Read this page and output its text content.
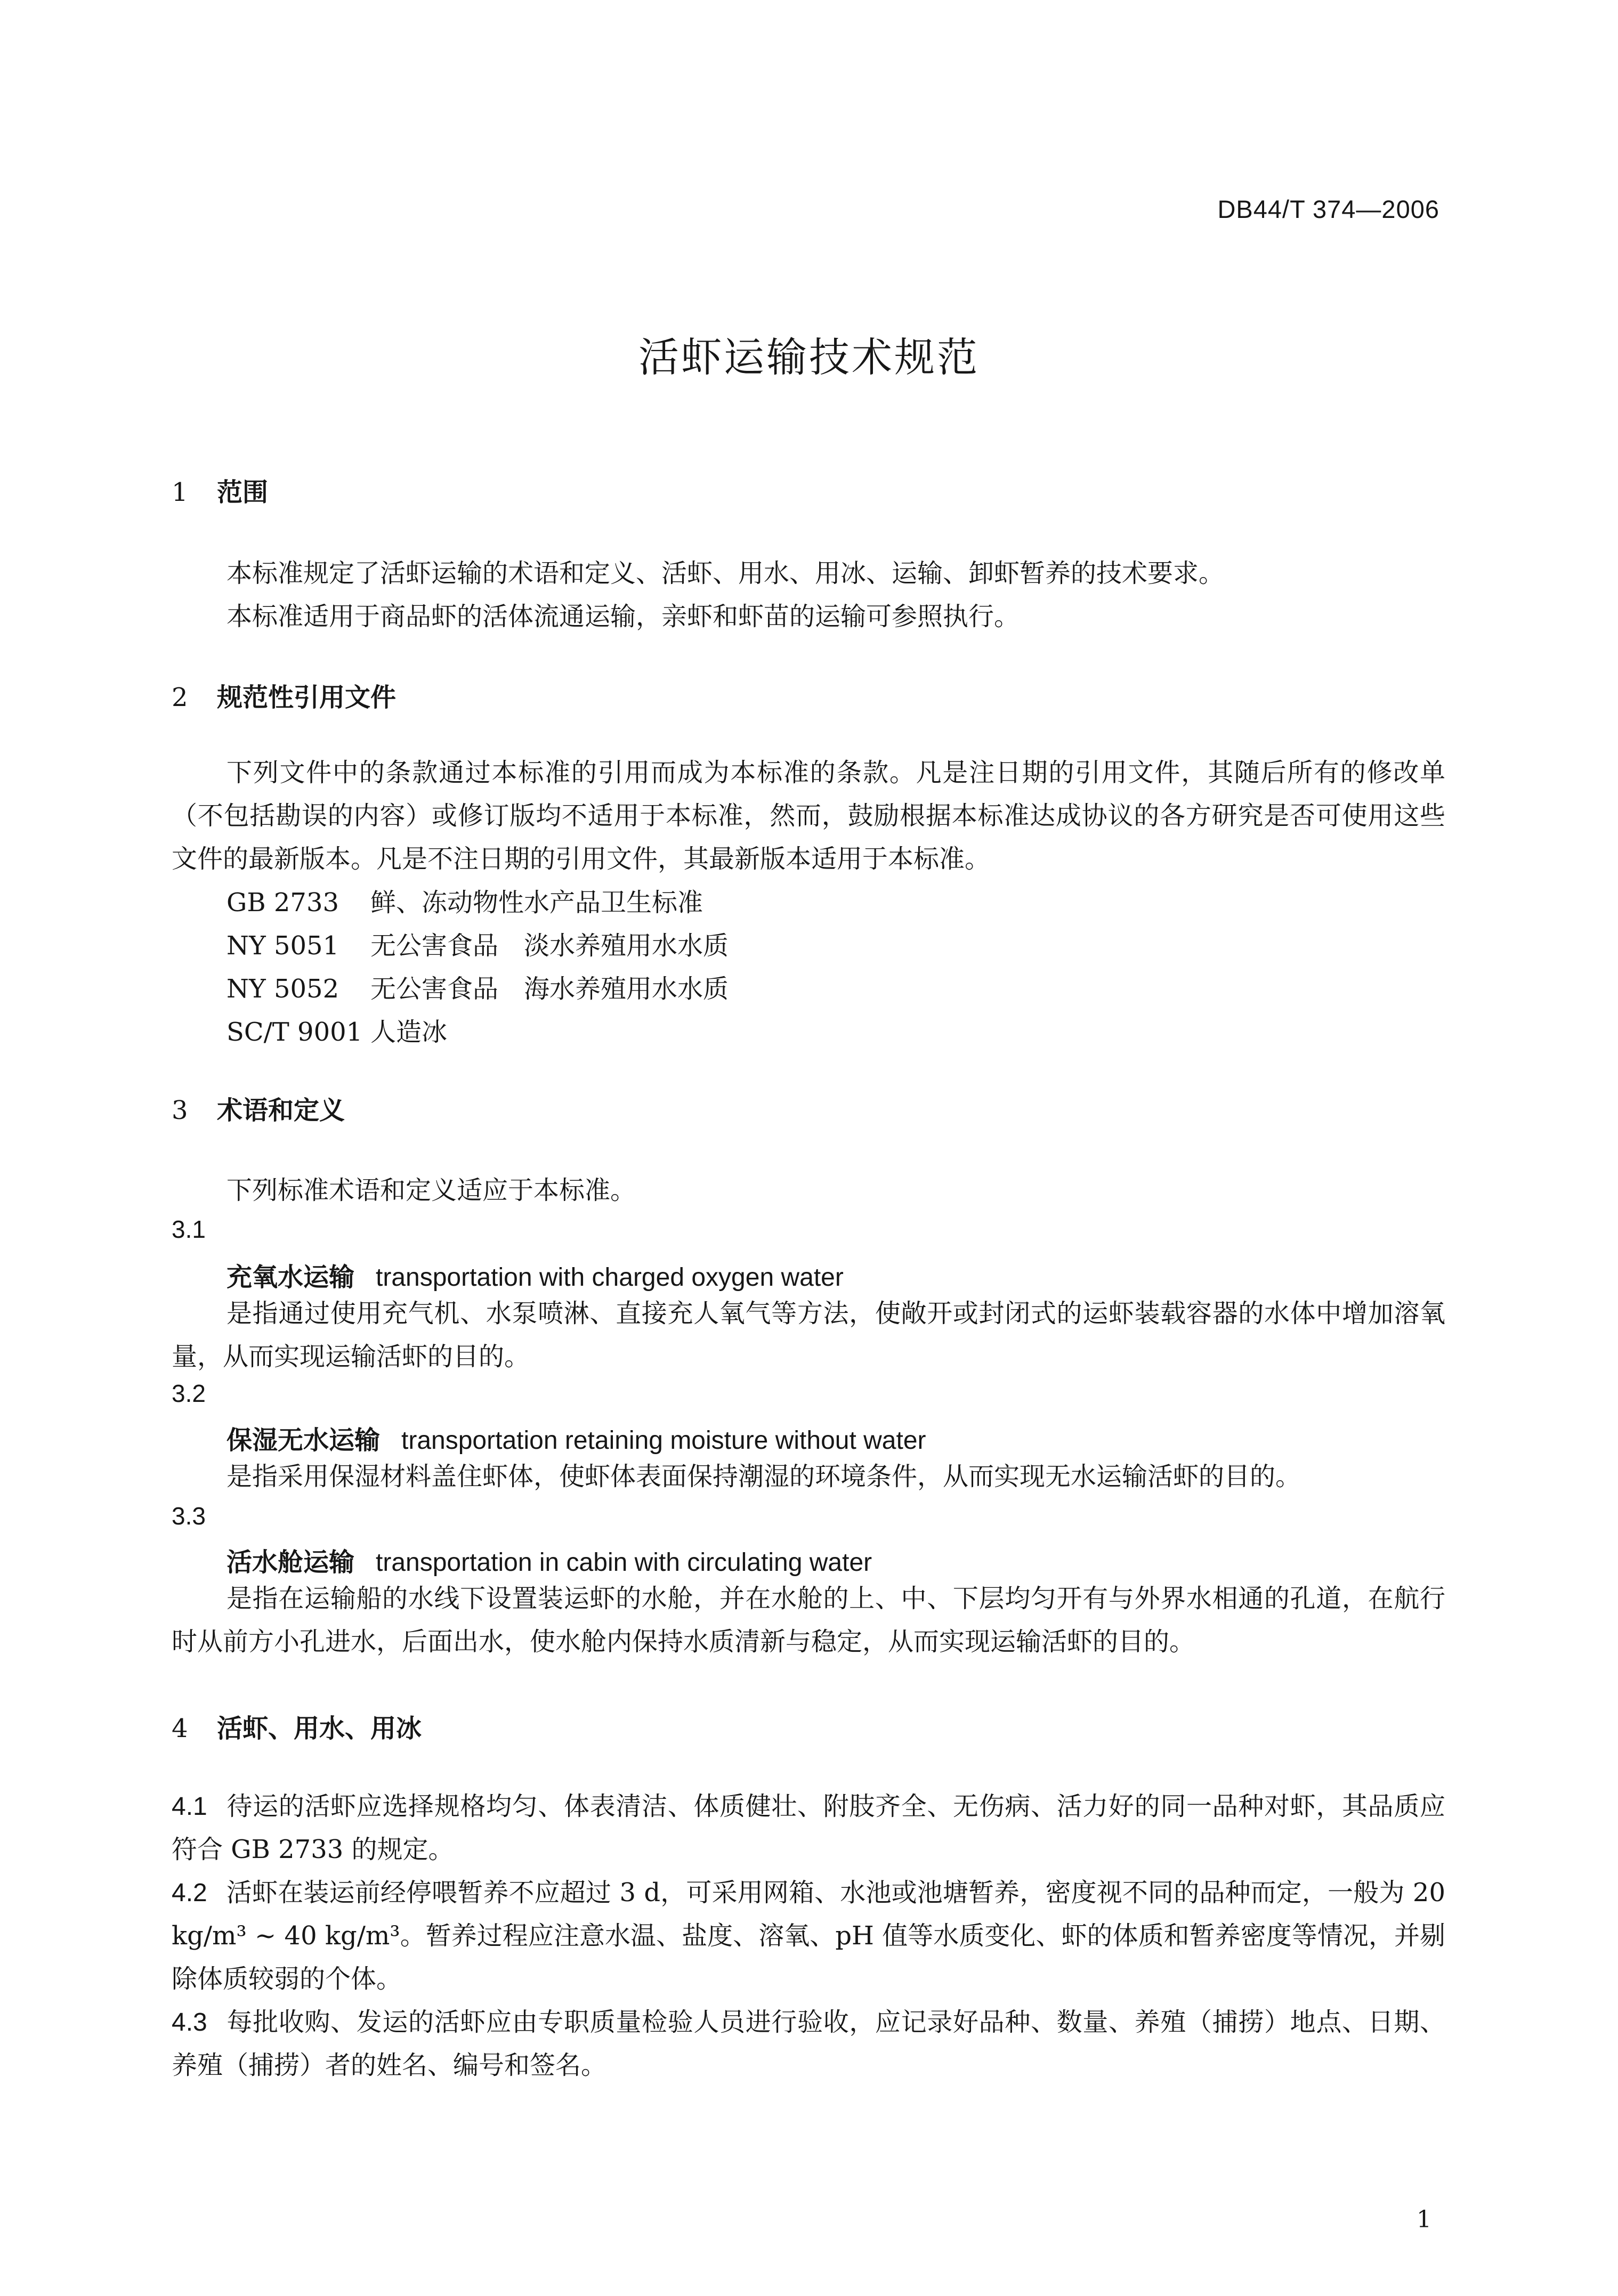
DB44/T 374—2006
活虾运输技术规范
1 范围
本标准规定了活虾运输的术语和定义、活虾、用水、用冰、运输、卸虾暂养的技术要求。
本标准适用于商品虾的活体流通运输，亲虾和虾苗的运输可参照执行。
2 规范性引用文件
下列文件中的条款通过本标准的引用而成为本标准的条款。凡是注日期的引用文件，其随后所有的修改单（不包括勘误的内容）或修订版均不适用于本标准，然而，鼓励根据本标准达成协议的各方研究是否可使用这些文件的最新版本。凡是不注日期的引用文件，其最新版本适用于本标准。
GB 2733 鲜、冻动物性水产品卫生标准
NY 5051 无公害食品　淡水养殖用水水质
NY 5052 无公害食品　海水养殖用水水质
SC/T 9001 人造冰
3 术语和定义
下列标准术语和定义适应于本标准。
3.1
充氧水运输 transportation with charged oxygen water
是指通过使用充气机、水泵喷淋、直接充人氧气等方法，使敞开或封闭式的运虾装载容器的水体中增加溶氧量，从而实现运输活虾的目的。
3.2
保湿无水运输 transportation retaining moisture without water
是指采用保湿材料盖住虾体，使虾体表面保持潮湿的环境条件，从而实现无水运输活虾的目的。
3.3
活水舱运输 transportation in cabin with circulating water
是指在运输船的水线下设置装运虾的水舱，并在水舱的上、中、下层均匀开有与外界水相通的孔道，在航行时从前方小孔进水，后面出水，使水舱内保持水质清新与稳定，从而实现运输活虾的目的。
4 活虾、用水、用冰
4.1 待运的活虾应选择规格均匀、体表清洁、体质健壮、附肢齐全、无伤病、活力好的同一品种对虾，其品质应符合 GB 2733 的规定。
4.2 活虾在装运前经停喂暂养不应超过 3 d，可采用网箱、水池或池塘暂养，密度视不同的品种而定，一般为 20 kg/m³ ~ 40 kg/m³。暂养过程应注意水温、盐度、溶氧、pH 值等水质变化、虾的体质和暂养密度等情况，并剔除体质较弱的个体。
4.3 每批收购、发运的活虾应由专职质量检验人员进行验收，应记录好品种、数量、养殖（捕捞）地点、日期、养殖（捕捞）者的姓名、编号和签名。
1
